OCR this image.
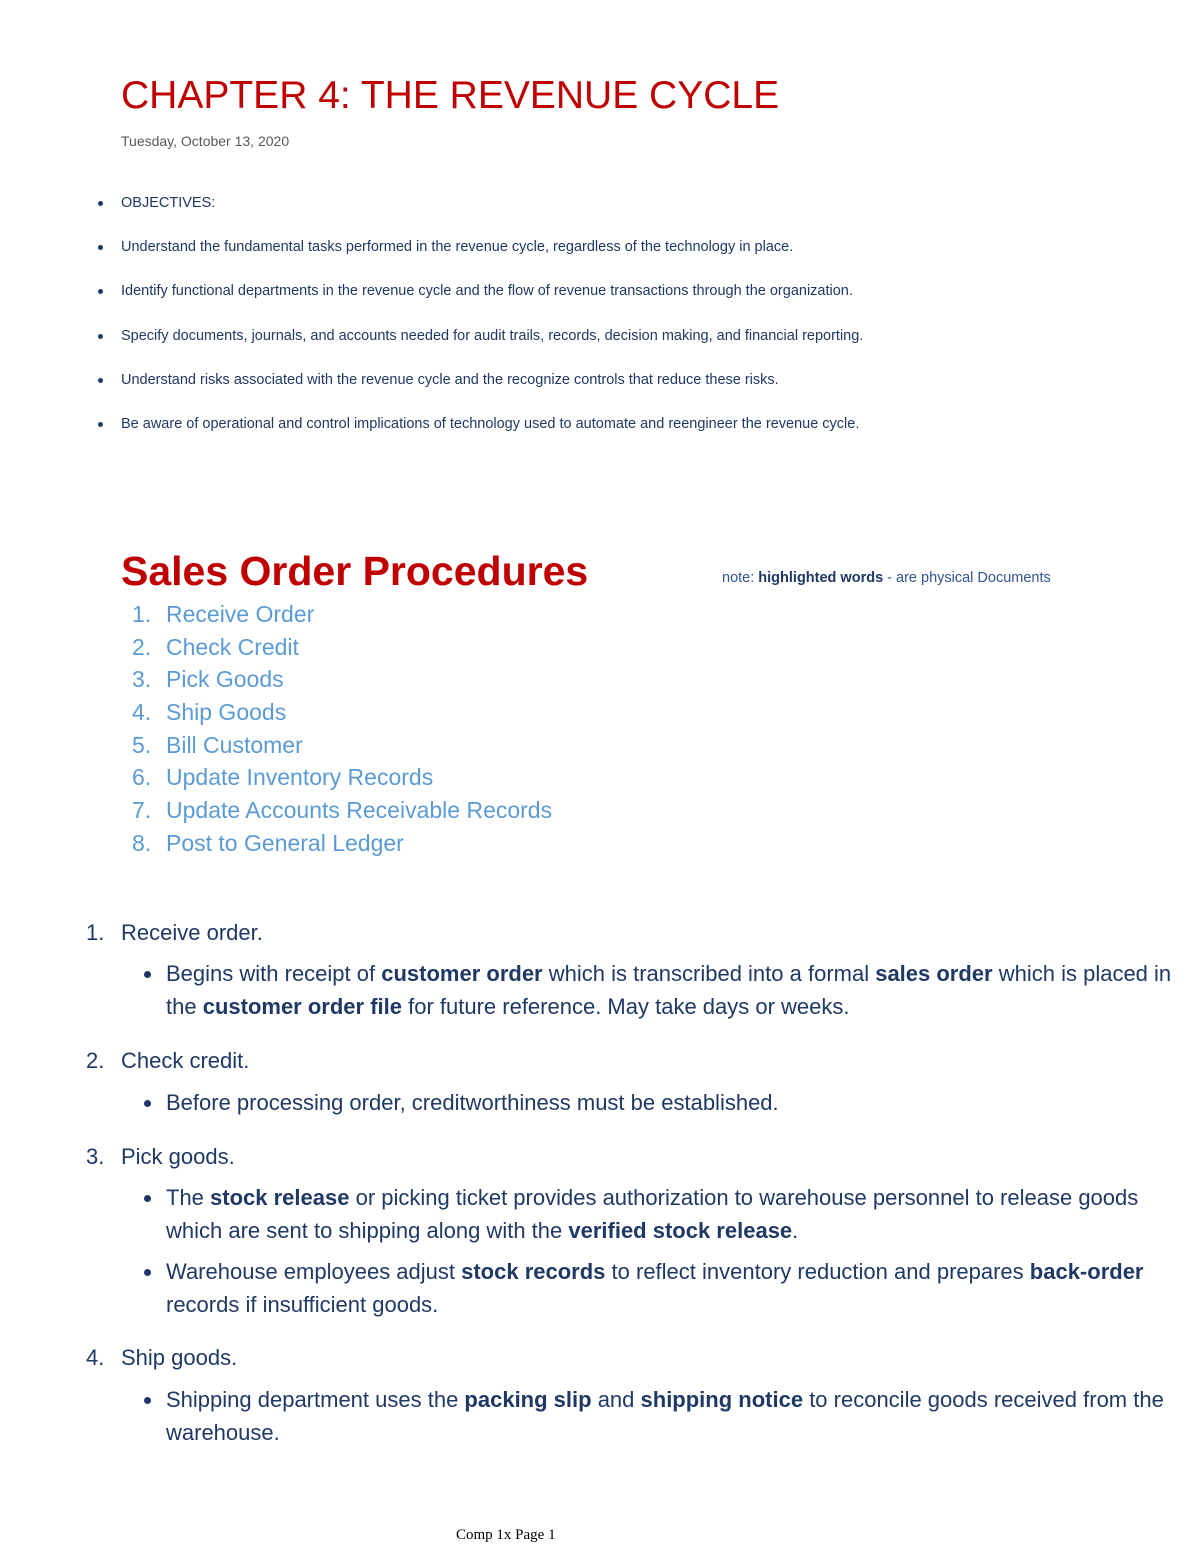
CHAPTER 4: THE REVENUE CYCLE
Tuesday, October 13, 2020
OBJECTIVES:
Understand the fundamental tasks performed in the revenue cycle, regardless of the technology in place.
Identify functional departments in the revenue cycle and the flow of revenue transactions through the organization.
Specify documents, journals, and accounts needed for audit trails, records, decision making, and financial reporting.
Understand risks associated with the revenue cycle and the recognize controls that reduce these risks.
Be aware of operational and control implications of technology used to automate and reengineer the revenue cycle.
Sales Order Procedures	note: highlighted words - are physical Documents
1. Receive Order
2. Check Credit
3. Pick Goods
4. Ship Goods
5. Bill Customer
6. Update Inventory Records
7. Update Accounts Receivable Records
8. Post to General Ledger
1. Receive order.
Begins with receipt of customer order which is transcribed into a formal sales order which is placed in the customer order file for future reference. May take days or weeks.
2. Check credit.
Before processing order, creditworthiness must be established.
3. Pick goods.
The stock release or picking ticket provides authorization to warehouse personnel to release goods which are sent to shipping along with the verified stock release.
Warehouse employees adjust stock records to reflect inventory reduction and prepares back-order records if insufficient goods.
4. Ship goods.
Shipping department uses the packing slip and shipping notice to reconcile goods received from the warehouse.
Comp 1x Page 1
